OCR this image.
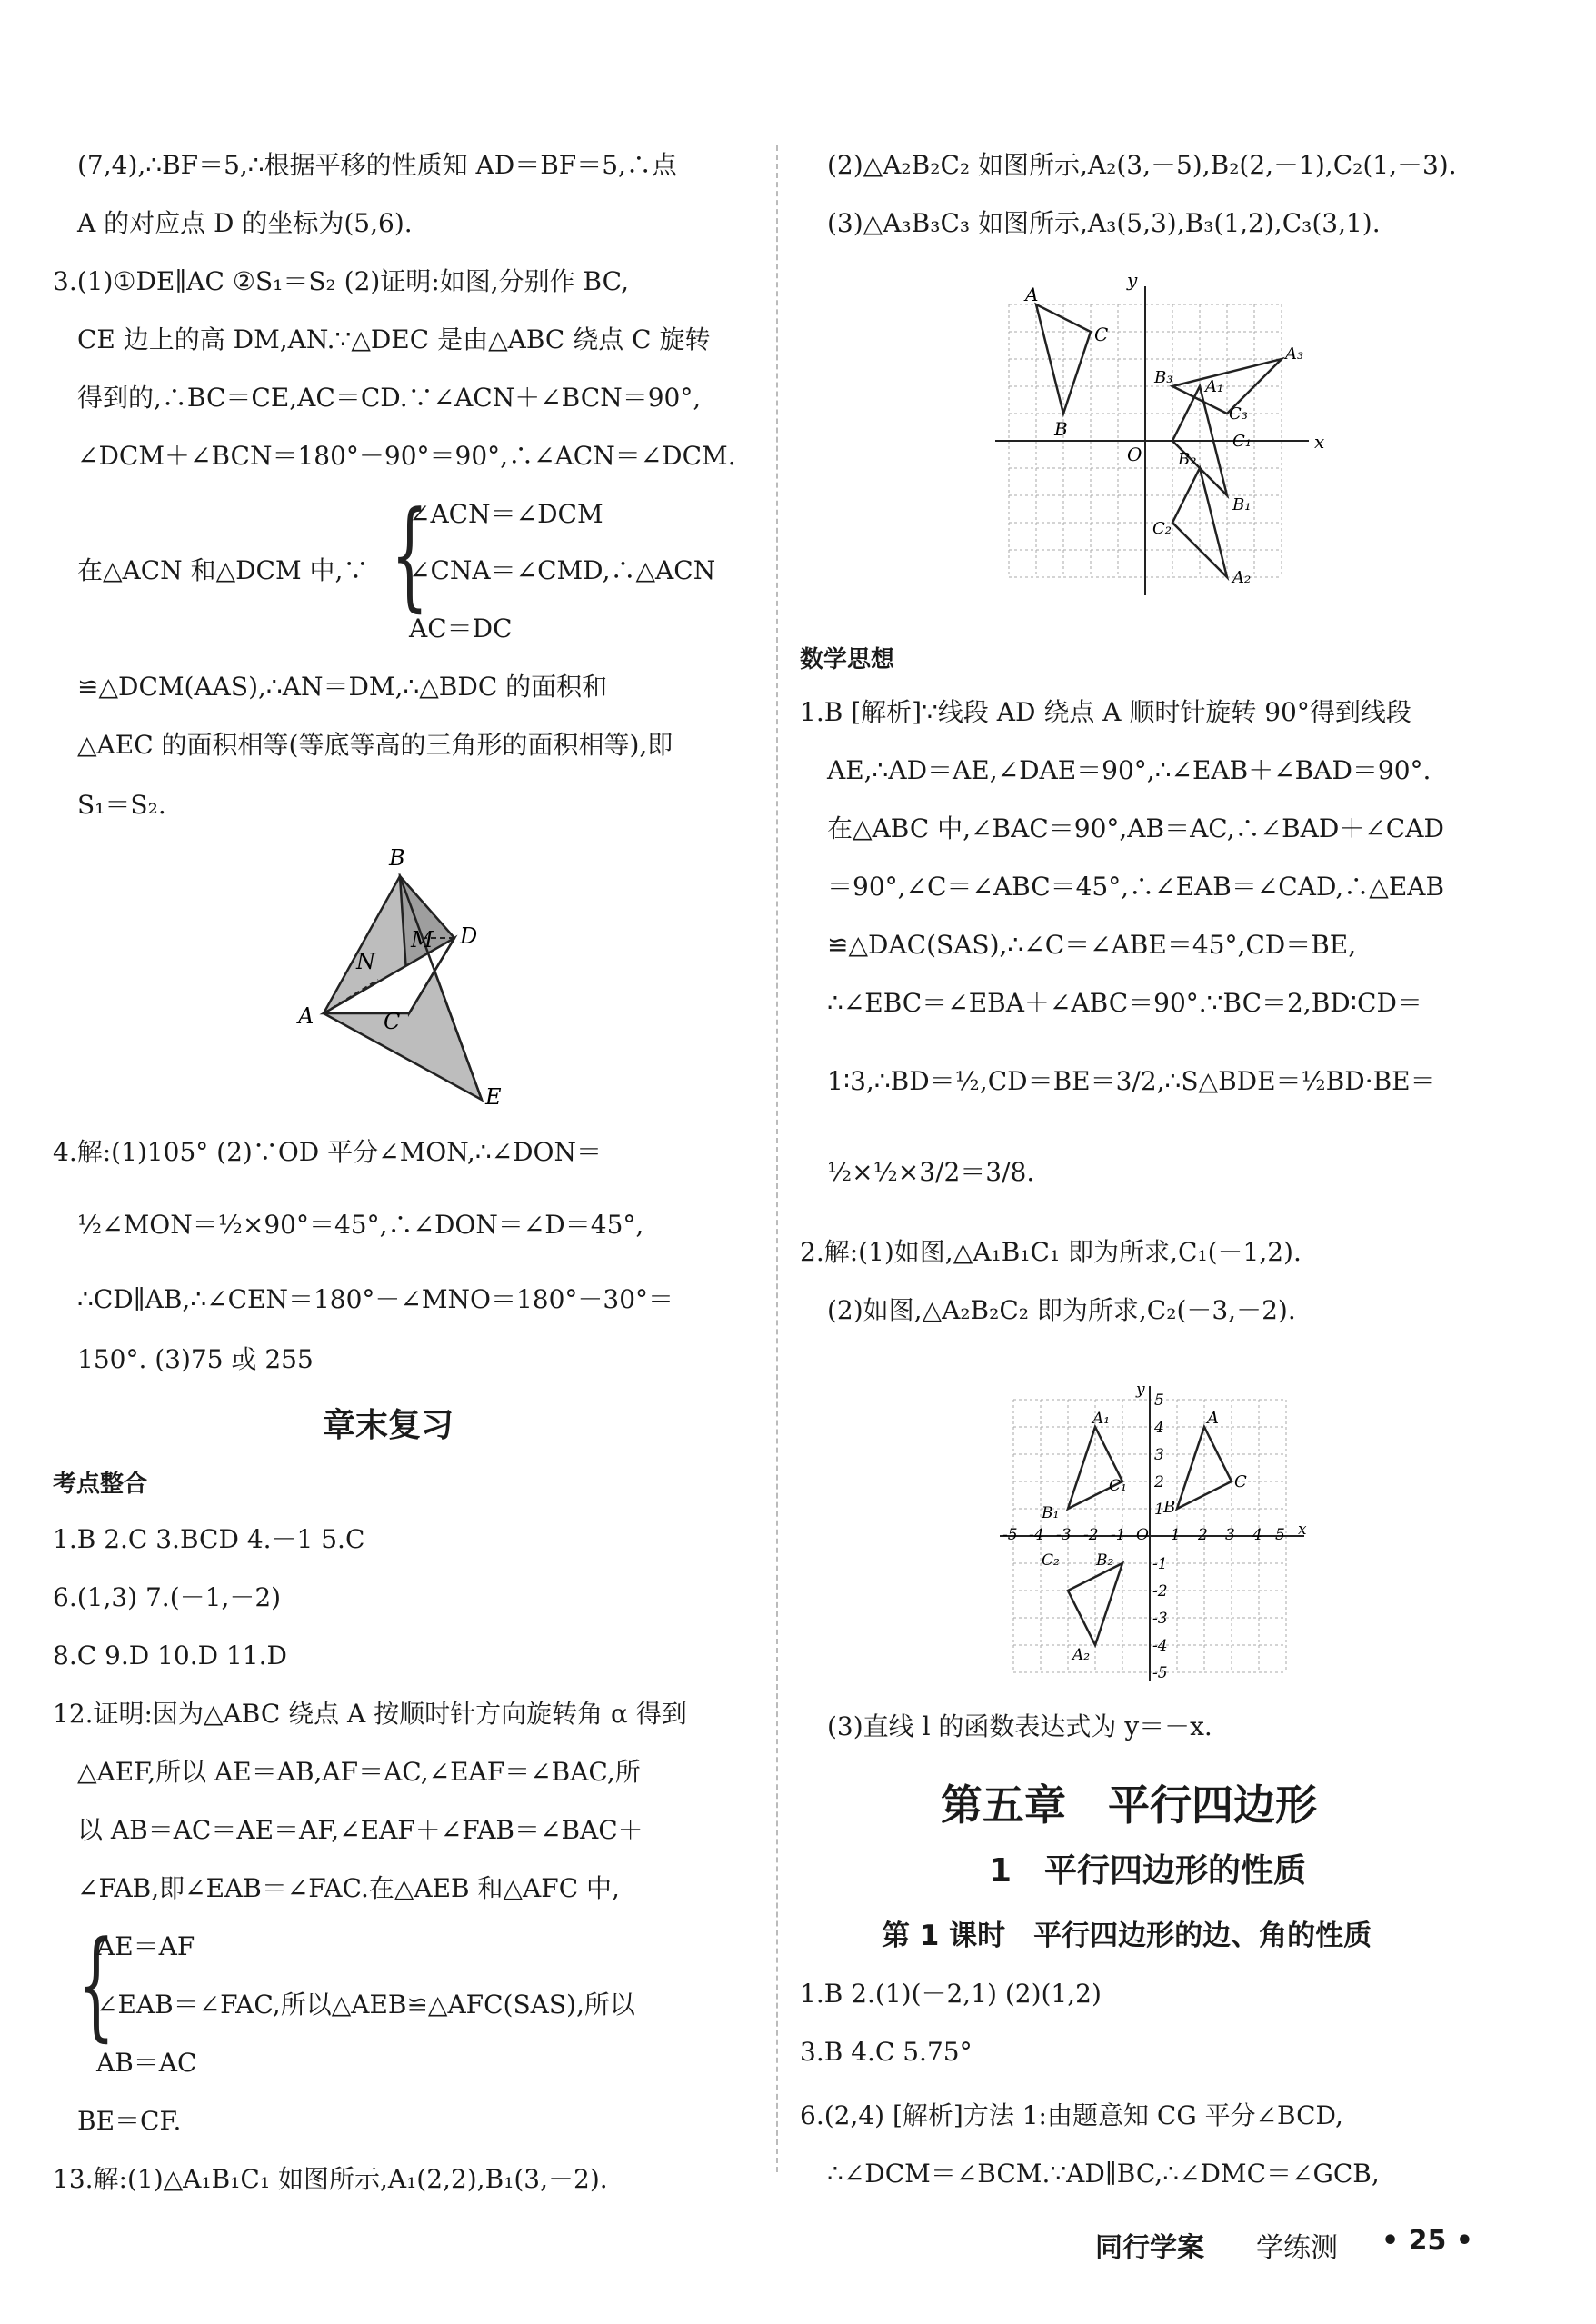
(7,4),∴BF＝5,∴根据平移的性质知 AD＝BF＝5,∴点
A 的对应点 D 的坐标为(5,6).
3.(1)①DE∥AC ②S₁＝S₂ (2)证明:如图,分别作 BC,
CE 边上的高 DM,AN.∵△DEC 是由△ABC 绕点 C 旋转
得到的,∴BC＝CE,AC＝CD.∵∠ACN＋∠BCN＝90°,
∠DCM＋∠BCN＝180°－90°＝90°,∴∠ACN＝∠DCM.
在△ACN 和△DCM 中,∵ {
∠ACN＝∠DCM
∠CNA＝∠CMD,∴△ACN
AC＝DC
≌△DCM(AAS),∴AN＝DM,∴△BDC 的面积和
△AEC 的面积相等(等底等高的三角形的面积相等),即
S₁＝S₂.
B
M D
N
A	C
E
4.解:(1)105° (2)∵OD 平分∠MON,∴∠DON＝
½∠MON＝½×90°＝45°,∴∠DON＝∠D＝45°,
∴CD∥AB,∴∠CEN＝180°－∠MNO＝180°－30°＝
150°. (3)75 或 255
章末复习
考点整合
1.B 2.C 3.BCD 4.－1 5.C
6.(1,3) 7.(－1,－2)
8.C 9.D 10.D 11.D
12.证明:因为△ABC 绕点 A 按顺时针方向旋转角 α 得到
△AEF,所以 AE＝AB,AF＝AC,∠EAF＝∠BAC,所
以 AB＝AC＝AE＝AF,∠EAF＋∠FAB＝∠BAC＋
∠FAB,即∠EAB＝∠FAC.在△AEB 和△AFC 中,
{
AE＝AF
∠EAB＝∠FAC,所以△AEB≌△AFC(SAS),所以
AB＝AC
BE＝CF.
13.解:(1)△A₁B₁C₁ 如图所示,A₁(2,2),B₁(3,－2).
(2)△A₂B₂C₂ 如图所示,A₂(3,－5),B₂(2,－1),C₂(1,－3).
(3)△A₃B₃C₃ 如图所示,A₃(5,3),B₃(1,2),C₃(3,1).
A
C
B
y
x
O
B₃ A₁
A₃
C₃
C₁
B₂
B₁
C₂
A₂
数学思想
1.B [解析]∵线段 AD 绕点 A 顺时针旋转 90°得到线段
AE,∴AD＝AE,∠DAE＝90°,∴∠EAB＋∠BAD＝90°.
在△ABC 中,∠BAC＝90°,AB＝AC,∴∠BAD＋∠CAD
＝90°,∠C＝∠ABC＝45°,∴∠EAB＝∠CAD,∴△EAB
≌△DAC(SAS),∴∠C＝∠ABE＝45°,CD＝BE,
∴∠EBC＝∠EBA＋∠ABC＝90°.∵BC＝2,BD∶CD＝
1∶3,∴BD＝½,CD＝BE＝3/2,∴S△BDE＝½BD·BE＝
½×½×3/2＝3/8.
2.解:(1)如图,△A₁B₁C₁ 即为所求,C₁(－1,2).
(2)如图,△A₂B₂C₂ 即为所求,C₂(－3,－2).
-5 -4 -3 -2 -1 O 1 2 3 4 5 x
5
4
3
2
1
-1
-2
-3
-4
-5
y
A
C
B
A₁
C₁
B₁
C₂ B₂
A₂
(3)直线 l 的函数表达式为 y＝－x.
第五章　平行四边形
1　平行四边形的性质
第 1 课时　平行四边形的边、角的性质
1.B 2.(1)(－2,1) (2)(1,2)
3.B 4.C 5.75°
6.(2,4) [解析]方法 1:由题意知 CG 平分∠BCD,
∴∠DCM＝∠BCM.∵AD∥BC,∴∠DMC＝∠GCB,
同行学案 学练测 • 25 •
